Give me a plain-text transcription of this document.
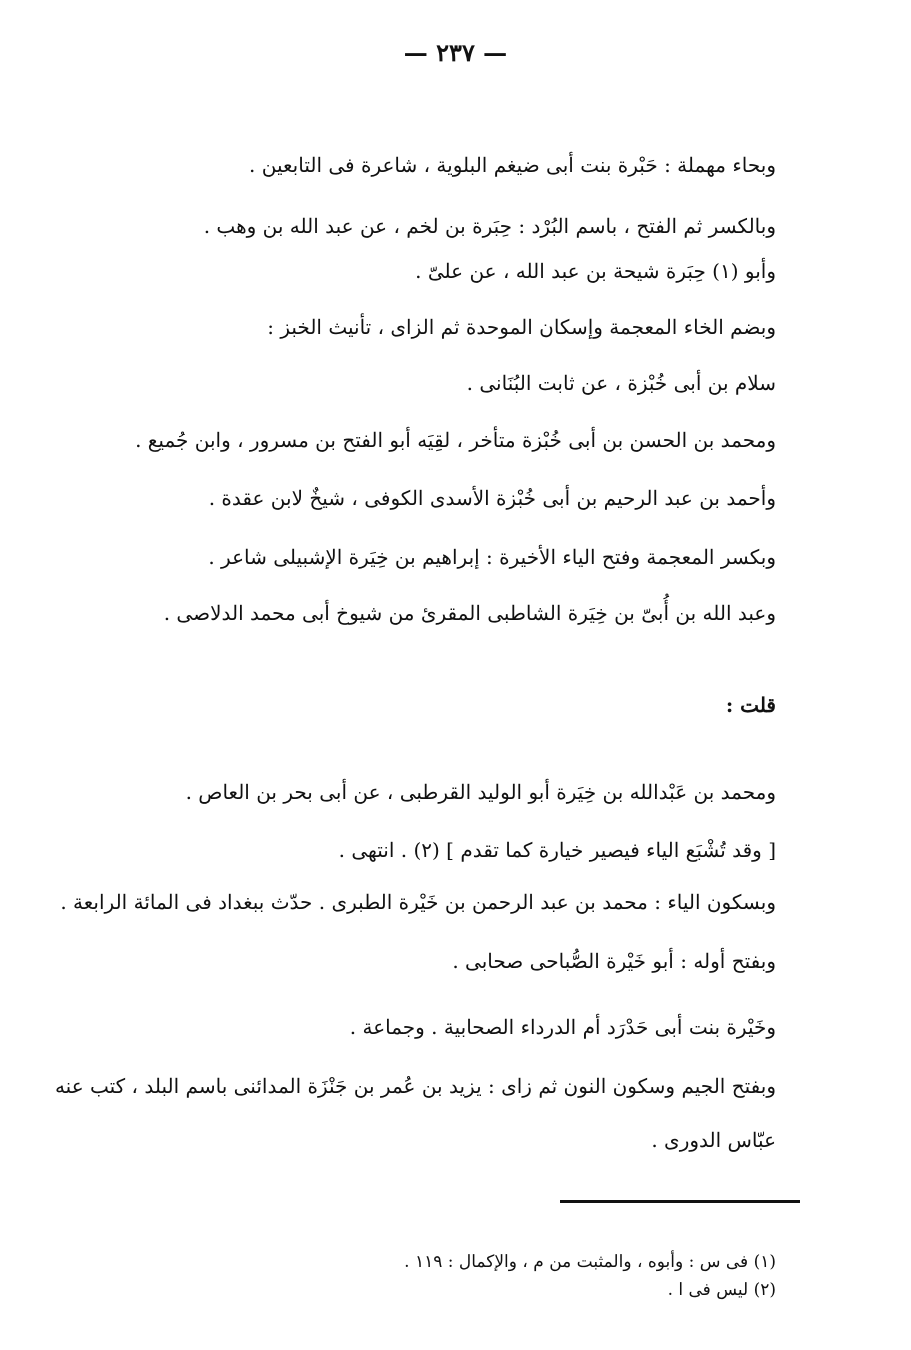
— ٢٣٧ —
وبحاء مهملة : حَبْرة بنت أبى ضيغم البلوية ، شاعرة فى التابعين .
وبالكسر ثم الفتح ، باسم البُرْد : حِبَرة بن لخم ، عن عبد الله بن وهب .
وأبو (١) حِبَرة شيحة بن عبد الله ، عن علىّ .
وبضم الخاء المعجمة وإسكان الموحدة ثم الزاى ، تأنيث الخبز :
سلام بن أبى خُبْزة ، عن ثابت البُنَانى .
ومحمد بن الحسن بن أبى خُبْزة متأخر ، لقِيَه أبو الفتح بن مسرور ، وابن جُميع .
وأحمد بن عبد الرحيم بن أبى خُبْزة الأسدى الكوفى ، شيخٌ لابن عقدة .
وبكسر المعجمة وفتح الياء الأخيرة : إبراهيم بن خِيَرة الإشبيلى شاعر .
وعبد الله بن أُبىّ بن خِيَرة الشاطبى المقرئ من شيوخ أبى محمد الدلاصى .
قلت :
ومحمد بن عَبْدالله بن خِيَرة أبو الوليد القرطبى ، عن أبى بحر بن العاص .
[ وقد تُشْبَع الياء فيصير خيارة كما تقدم ] (٢) . انتهى .
وبسكون الياء : محمد بن عبد الرحمن بن خَيْرة الطبرى . حدّث ببغداد فى المائة الرابعة .
وبفتح أوله : أبو خَيْرة الصُّباحى صحابى .
وخَيْرة بنت أبى حَدْرَد أم الدرداء الصحابية . وجماعة .
وبفتح الجيم وسكون النون ثم زاى : يزيد بن عُمر بن جَنْزَة المدائنى باسم البلد ، كتب عنه
عبّاس الدورى .
(١) فى س : وأبوه ، والمثبت من م ، والإكمال : ١١٩ .
(٢) ليس فى ا .
